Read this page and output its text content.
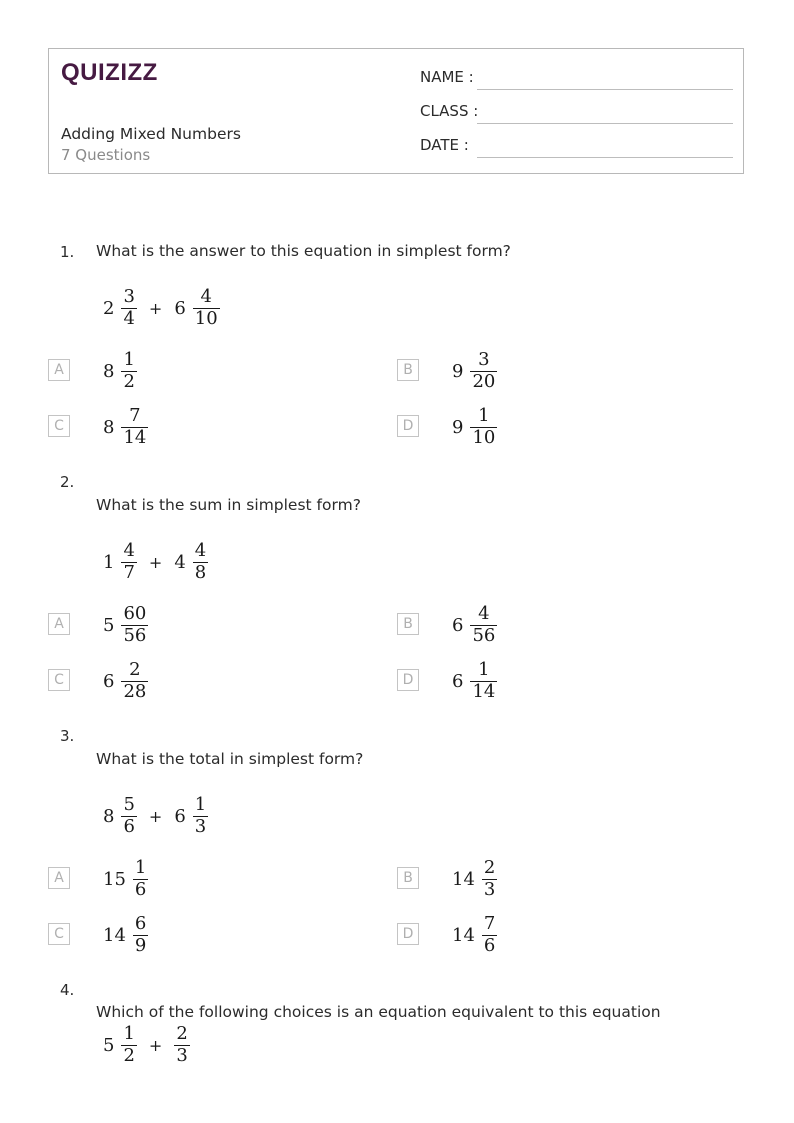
QUIZIZZ
Adding Mixed Numbers
7 Questions
NAME :
CLASS :
DATE :
1. What is the answer to this equation in simplest form?
$2 \frac{3}{4} + 6 \frac{4}{10}$
A	$8 \frac{1}{2}$	B	$9 \frac{3}{20}$
C	$8 \frac{7}{14}$	D	$9 \frac{1}{10}$
2.
What is the sum in simplest form?
$1 \frac{4}{7} + 4 \frac{4}{8}$
A	$5 \frac{60}{56}$	B	$6 \frac{4}{56}$
C	$6 \frac{2}{28}$	D	$6 \frac{1}{14}$
3.
What is the total in simplest form?
$8 \frac{5}{6} + 6 \frac{1}{3}$
A	$15 \frac{1}{6}$	B	$14 \frac{2}{3}$
C	$14 \frac{6}{9}$	D	$14 \frac{7}{6}$
4.
Which of the following choices is an equation equivalent to this equation
$5 \frac{1}{2} + \frac{2}{3}$
